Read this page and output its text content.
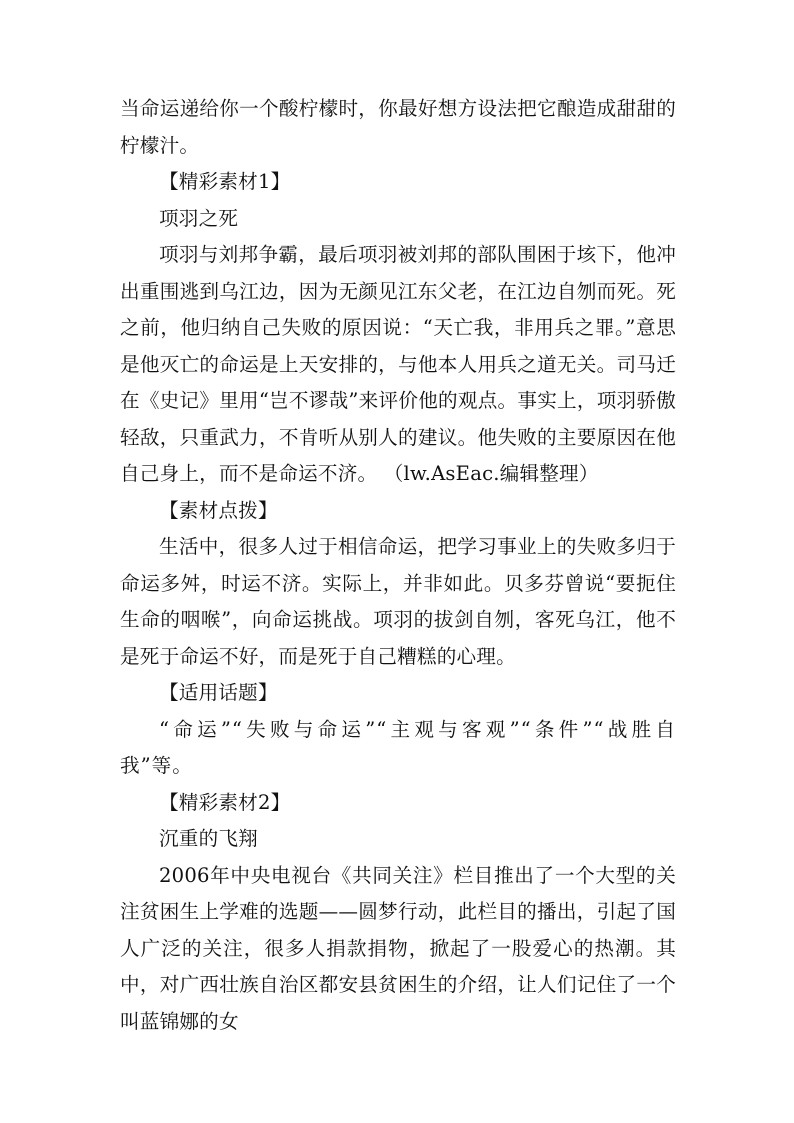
当命运递给你一个酸柠檬时，你最好想方设法把它酿造成甜甜的柠檬汁。

【精彩素材1】

项羽之死

项羽与刘邦争霸，最后项羽被刘邦的部队围困于垓下，他冲出重围逃到乌江边，因为无颜见江东父老，在江边自刎而死。死之前，他归纳自己失败的原因说：“天亡我，非用兵之罪。”意思是他灭亡的命运是上天安排的，与他本人用兵之道无关。司马迁在《史记》里用“岂不谬哉”来评价他的观点。事实上，项羽骄傲轻敌，只重武力，不肯听从别人的建议。他失败的主要原因在他自己身上，而不是命运不济。 （lw.AsEac.编辑整理）

【素材点拨】

生活中，很多人过于相信命运，把学习事业上的失败多归于命运多舛，时运不济。实际上，并非如此。贝多芬曾说“要扼住生命的咽喉”，向命运挑战。项羽的拔剑自刎，客死乌江，他不是死于命运不好，而是死于自己糟糕的心理。

【适用话题】

“命运”“失败与命运”“主观与客观”“条件”“战胜自我”等。

【精彩素材2】

沉重的飞翔

2006年中央电视台《共同关注》栏目推出了一个大型的关注贫困生上学难的选题——圆梦行动，此栏目的播出，引起了国人广泛的关注，很多人捐款捐物，掀起了一股爱心的热潮。其中，对广西壮族自治区都安县贫困生的介绍，让人们记住了一个叫蓝锦娜的女
